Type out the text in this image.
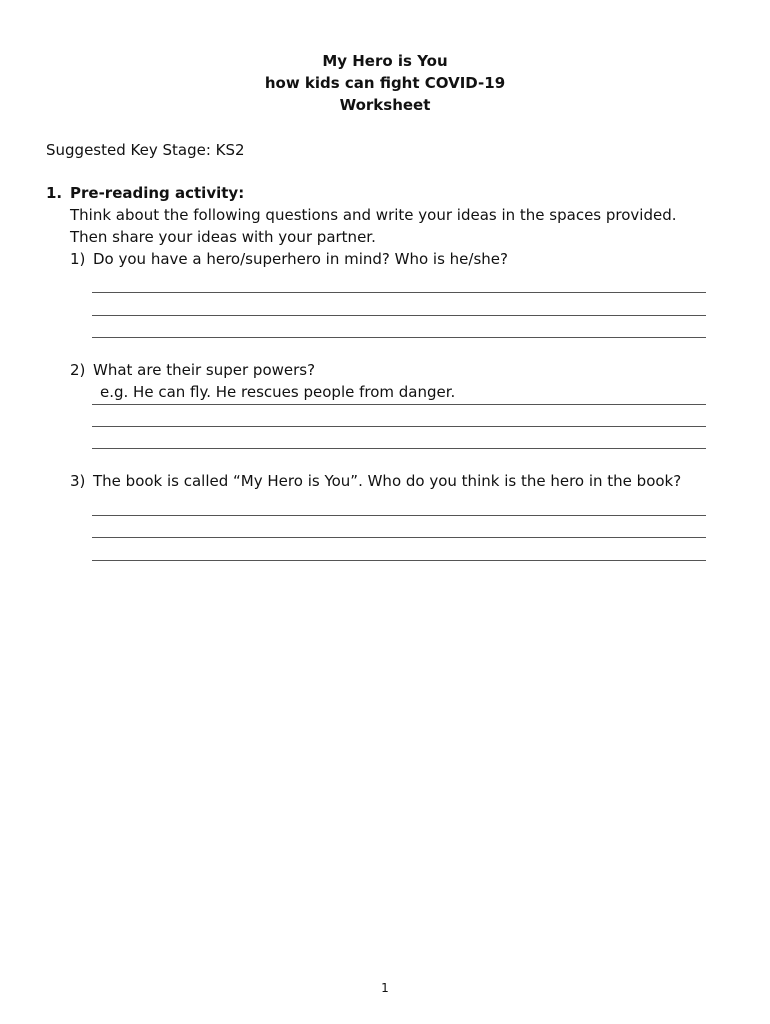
My Hero is You
how kids can fight COVID-19
Worksheet
Suggested Key Stage: KS2
1. Pre-reading activity:
Think about the following questions and write your ideas in the spaces provided.
Then share your ideas with your partner.
1) Do you have a hero/superhero in mind? Who is he/she?
2) What are their super powers?
e.g. He can fly. He rescues people from danger.
3) The book is called “My Hero is You”. Who do you think is the hero in the book?
1
